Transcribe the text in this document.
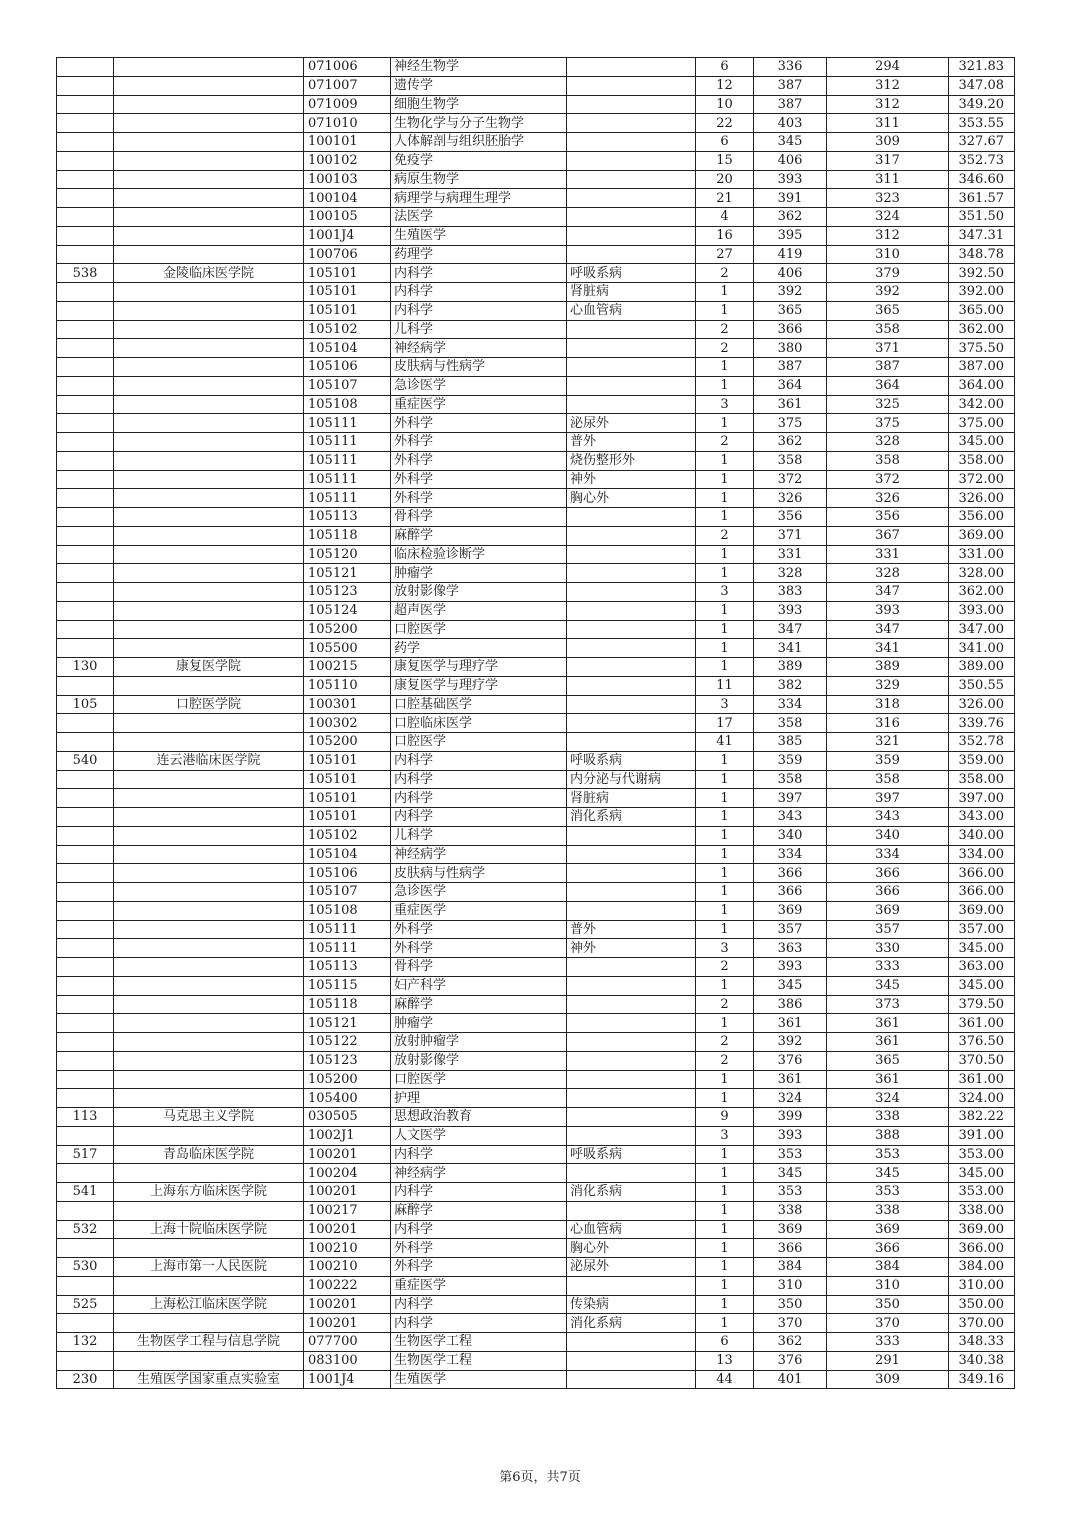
		071006	神经生物学		6	336	294	321.83
		071007	遗传学		12	387	312	347.08
		071009	细胞生物学		10	387	312	349.20
		071010	生物化学与分子生物学		22	403	311	353.55
		100101	人体解剖与组织胚胎学		6	345	309	327.67
		100102	免疫学		15	406	317	352.73
		100103	病原生物学		20	393	311	346.60
		100104	病理学与病理生理学		21	391	323	361.57
		100105	法医学		4	362	324	351.50
		1001J4	生殖医学		16	395	312	347.31
		100706	药理学		27	419	310	348.78
538	金陵临床医学院	105101	内科学	呼吸系病	2	406	379	392.50
		105101	内科学	肾脏病	1	392	392	392.00
		105101	内科学	心血管病	1	365	365	365.00
		105102	儿科学		2	366	358	362.00
		105104	神经病学		2	380	371	375.50
		105106	皮肤病与性病学		1	387	387	387.00
		105107	急诊医学		1	364	364	364.00
		105108	重症医学		3	361	325	342.00
		105111	外科学	泌尿外	1	375	375	375.00
		105111	外科学	普外	2	362	328	345.00
		105111	外科学	烧伤整形外	1	358	358	358.00
		105111	外科学	神外	1	372	372	372.00
		105111	外科学	胸心外	1	326	326	326.00
		105113	骨科学		1	356	356	356.00
		105118	麻醉学		2	371	367	369.00
		105120	临床检验诊断学		1	331	331	331.00
		105121	肿瘤学		1	328	328	328.00
		105123	放射影像学		3	383	347	362.00
		105124	超声医学		1	393	393	393.00
		105200	口腔医学		1	347	347	347.00
		105500	药学		1	341	341	341.00
130	康复医学院	100215	康复医学与理疗学		1	389	389	389.00
		105110	康复医学与理疗学		11	382	329	350.55
105	口腔医学院	100301	口腔基础医学		3	334	318	326.00
		100302	口腔临床医学		17	358	316	339.76
		105200	口腔医学		41	385	321	352.78
540	连云港临床医学院	105101	内科学	呼吸系病	1	359	359	359.00
		105101	内科学	内分泌与代谢病	1	358	358	358.00
		105101	内科学	肾脏病	1	397	397	397.00
		105101	内科学	消化系病	1	343	343	343.00
		105102	儿科学		1	340	340	340.00
		105104	神经病学		1	334	334	334.00
		105106	皮肤病与性病学		1	366	366	366.00
		105107	急诊医学		1	366	366	366.00
		105108	重症医学		1	369	369	369.00
		105111	外科学	普外	1	357	357	357.00
		105111	外科学	神外	3	363	330	345.00
		105113	骨科学		2	393	333	363.00
		105115	妇产科学		1	345	345	345.00
		105118	麻醉学		2	386	373	379.50
		105121	肿瘤学		1	361	361	361.00
		105122	放射肿瘤学		2	392	361	376.50
		105123	放射影像学		2	376	365	370.50
		105200	口腔医学		1	361	361	361.00
		105400	护理		1	324	324	324.00
113	马克思主义学院	030505	思想政治教育		9	399	338	382.22
		1002J1	人文医学		3	393	388	391.00
517	青岛临床医学院	100201	内科学	呼吸系病	1	353	353	353.00
		100204	神经病学		1	345	345	345.00
541	上海东方临床医学院	100201	内科学	消化系病	1	353	353	353.00
		100217	麻醉学		1	338	338	338.00
532	上海十院临床医学院	100201	内科学	心血管病	1	369	369	369.00
		100210	外科学	胸心外	1	366	366	366.00
530	上海市第一人民医院	100210	外科学	泌尿外	1	384	384	384.00
		100222	重症医学		1	310	310	310.00
525	上海松江临床医学院	100201	内科学	传染病	1	350	350	350.00
		100201	内科学	消化系病	1	370	370	370.00
132	生物医学工程与信息学院	077700	生物医学工程		6	362	333	348.33
		083100	生物医学工程		13	376	291	340.38
230	生殖医学国家重点实验室	1001J4	生殖医学		44	401	309	349.16
第6页，共7页
